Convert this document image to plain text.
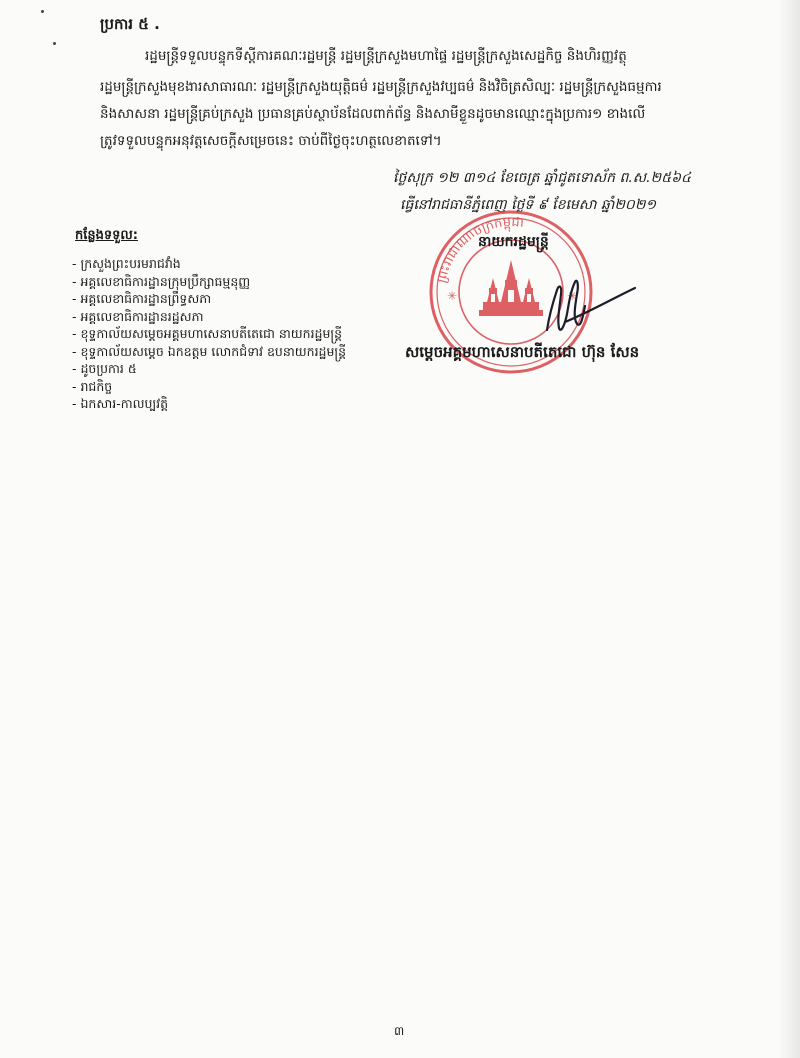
ប្រការ ៥ .
រដ្ឋមន្ត្រីទទួលបន្ទុកទីស្ដីការគណៈរដ្ឋមន្ត្រី រដ្ឋមន្ត្រីក្រសួងមហាផ្ទៃ រដ្ឋមន្ត្រីក្រសួងសេដ្ឋកិច្ច និងហិរញ្ញវត្ថុ
រដ្ឋមន្ត្រីក្រសួងមុខងារសាធារណៈ រដ្ឋមន្ត្រីក្រសួងយុត្តិធម៌ រដ្ឋមន្ត្រីក្រសួងវប្បធម៌ និងវិចិត្រសិល្បៈ រដ្ឋមន្ត្រីក្រសួងធម្មការ
និងសាសនា រដ្ឋមន្ត្រីគ្រប់ក្រសួង ប្រធានគ្រប់ស្ថាប័នដែលពាក់ព័ន្ធ និងសាមីខ្លួនដូចមានឈ្មោះក្នុងប្រការ១ ខាងលើ
ត្រូវទទួលបន្ទុកអនុវត្តសេចក្ដីសម្រេចនេះ ចាប់ពីថ្ងៃចុះហត្ថលេខាតទៅ។
ថ្ងៃសុក្រ ១២ ៣១៤ ខែចេត្រ ឆ្នាំជូតទោស័ក ព.ស.២៥៦៤
ធ្វើនៅរាជធានីភ្នំពេញ ថ្ងៃទី ៩ ខែមេសា ឆ្នាំ២០២១
កន្លែងទទួល:
- ក្រសួងព្រះបរមរាជវាំង
- អគ្គលេខាធិការដ្ឋានក្រុមប្រឹក្សាធម្មនុញ្ញ
- អគ្គលេខាធិការដ្ឋានព្រឹទ្ធសភា
- អគ្គលេខាធិការដ្ឋានរដ្ឋសភា
- ខុទ្ទកាល័យសម្ដេចអគ្គមហាសេនាបតីតេជោ នាយករដ្ឋមន្ត្រី
- ខុទ្ទកាល័យសម្ដេច ឯកឧត្តម លោកជំទាវ ឧបនាយករដ្ឋមន្ត្រី
- ដូចប្រការ ៥
- រាជកិច្ច
- ឯកសារ-កាលប្បវត្តិ
ព្រះរាជាណាចក្រកម្ពុជា
✳	✳
នាយករដ្ឋមន្ត្រី
សម្ដេចអគ្គមហាសេនាបតីតេជោ ហ៊ុន សែន
៣
